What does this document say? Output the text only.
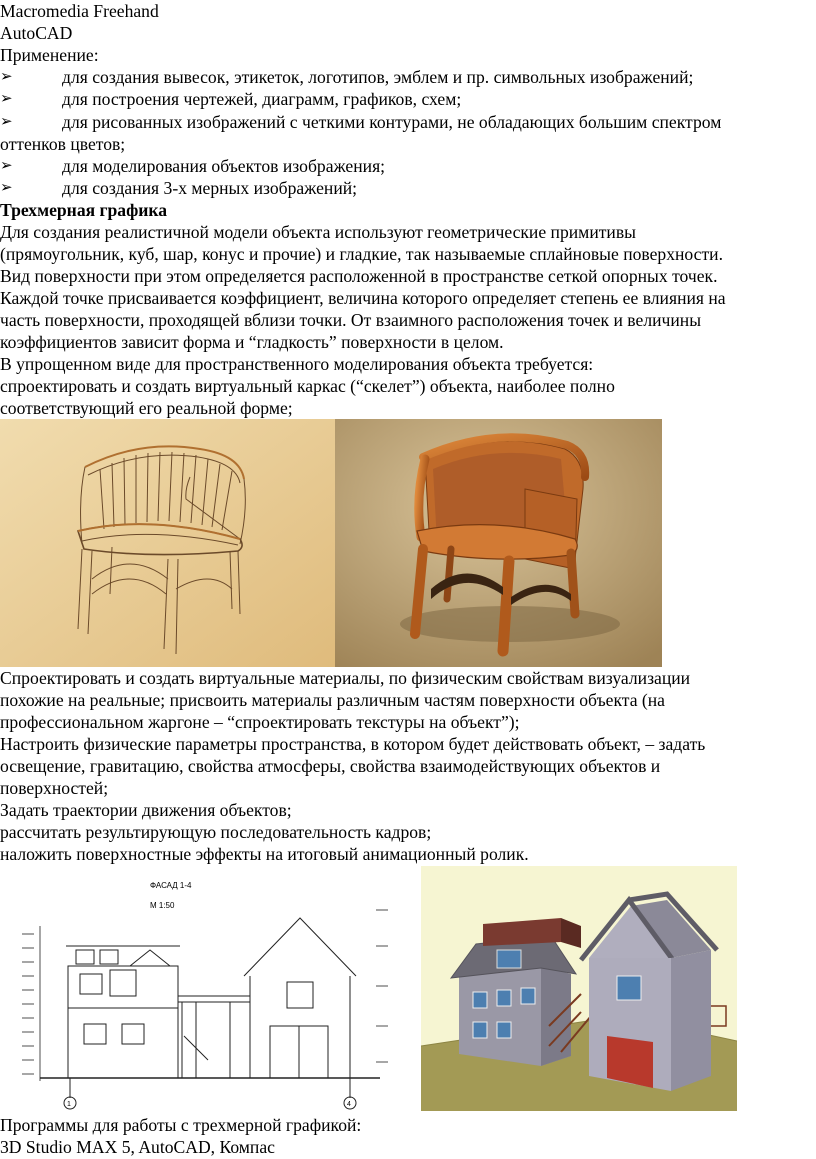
Macromedia Freehand
AutoCAD
Применение:
➢	для создания вывесок, этикеток, логотипов, эмблем и пр. символьных изображений;
➢	для построения чертежей, диаграмм, графиков, схем;
➢	для рисованных изображений с четкими контурами, не обладающих большим спектром
оттенков цветов;
➢	для моделирования объектов изображения;
➢	для создания 3-х мерных изображений;
Трехмерная графика
Для создания реалистичной модели объекта используют геометрические примитивы
(прямоугольник, куб, шар, конус и прочие) и гладкие, так называемые сплайновые поверхности.
Вид поверхности при этом определяется расположенной в пространстве сеткой опорных точек.
Каждой точке присваивается коэффициент, величина которого определяет степень ее влияния на
часть поверхности, проходящей вблизи точки. От взаимного расположения точек и величины
коэффициентов зависит форма и “гладкость” поверхности в целом.
В упрощенном виде для пространственного моделирования объекта требуется:
спроектировать и создать виртуальный каркас (“скелет”) объекта, наиболее полно
соответствующий его реальной форме;
Спроектировать и создать виртуальные материалы, по физическим свойствам визуализации
похожие на реальные; присвоить материалы различным частям поверхности объекта (на
профессиональном жаргоне – “спроектировать текстуры на объект”);
Настроить физические параметры пространства, в котором будет действовать объект, – задать
освещение, гравитацию, свойства атмосферы, свойства взаимодействующих объектов и
поверхностей;
Задать траектории движения объектов;
рассчитать результирующую последовательность кадров;
наложить поверхностные эффекты на итоговый анимационный ролик.
ФАСАД 1-4
М 1:50
1	4
Программы для работы с трехмерной графикой:
3D Studio MAX 5, AutoCAD, Компас
